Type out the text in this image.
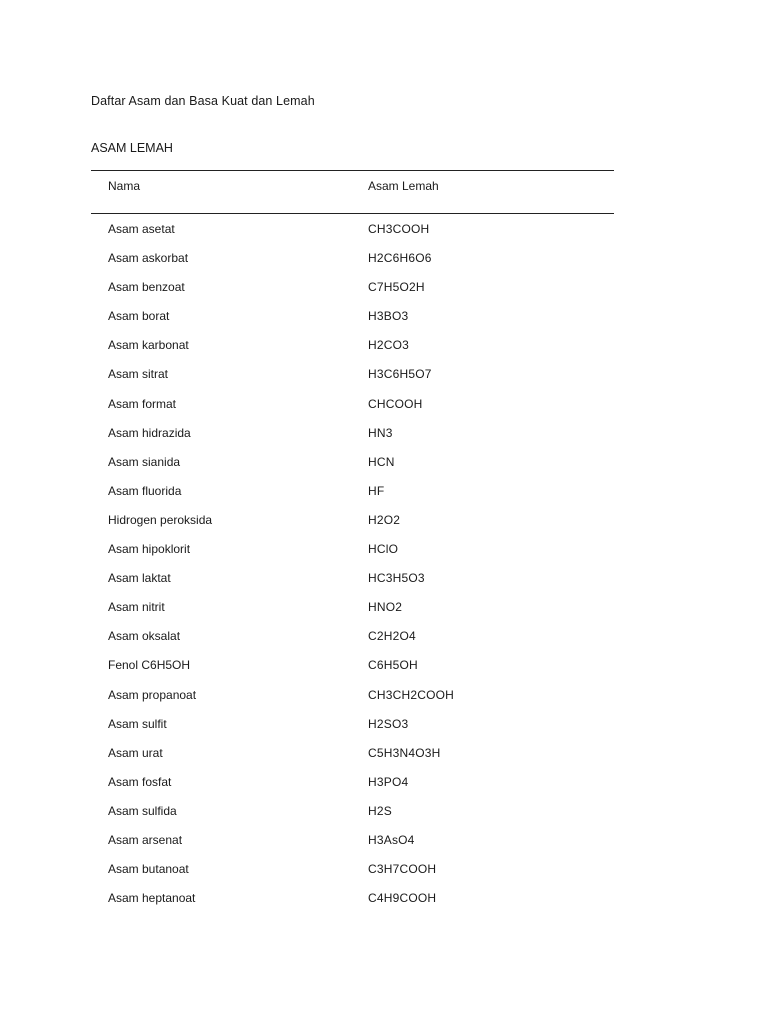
Daftar Asam dan Basa Kuat dan Lemah
ASAM LEMAH
Nama	Asam Lemah
Asam asetat	CH3COOH
Asam askorbat	H2C6H6O6
Asam benzoat	C7H5O2H
Asam borat	H3BO3
Asam karbonat	H2CO3
Asam sitrat	H3C6H5O7
Asam format	CHCOOH
Asam hidrazida	HN3
Asam sianida	HCN
Asam fluorida	HF
Hidrogen peroksida	H2O2
Asam hipoklorit	HClO
Asam laktat	HC3H5O3
Asam nitrit	HNO2
Asam oksalat	C2H2O4
Fenol C6H5OH	C6H5OH
Asam propanoat	CH3CH2COOH
Asam sulfit	H2SO3
Asam urat	C5H3N4O3H
Asam fosfat	H3PO4
Asam sulfida	H2S
Asam arsenat	H3AsO4
Asam butanoat	C3H7COOH
Asam heptanoat	C4H9COOH
